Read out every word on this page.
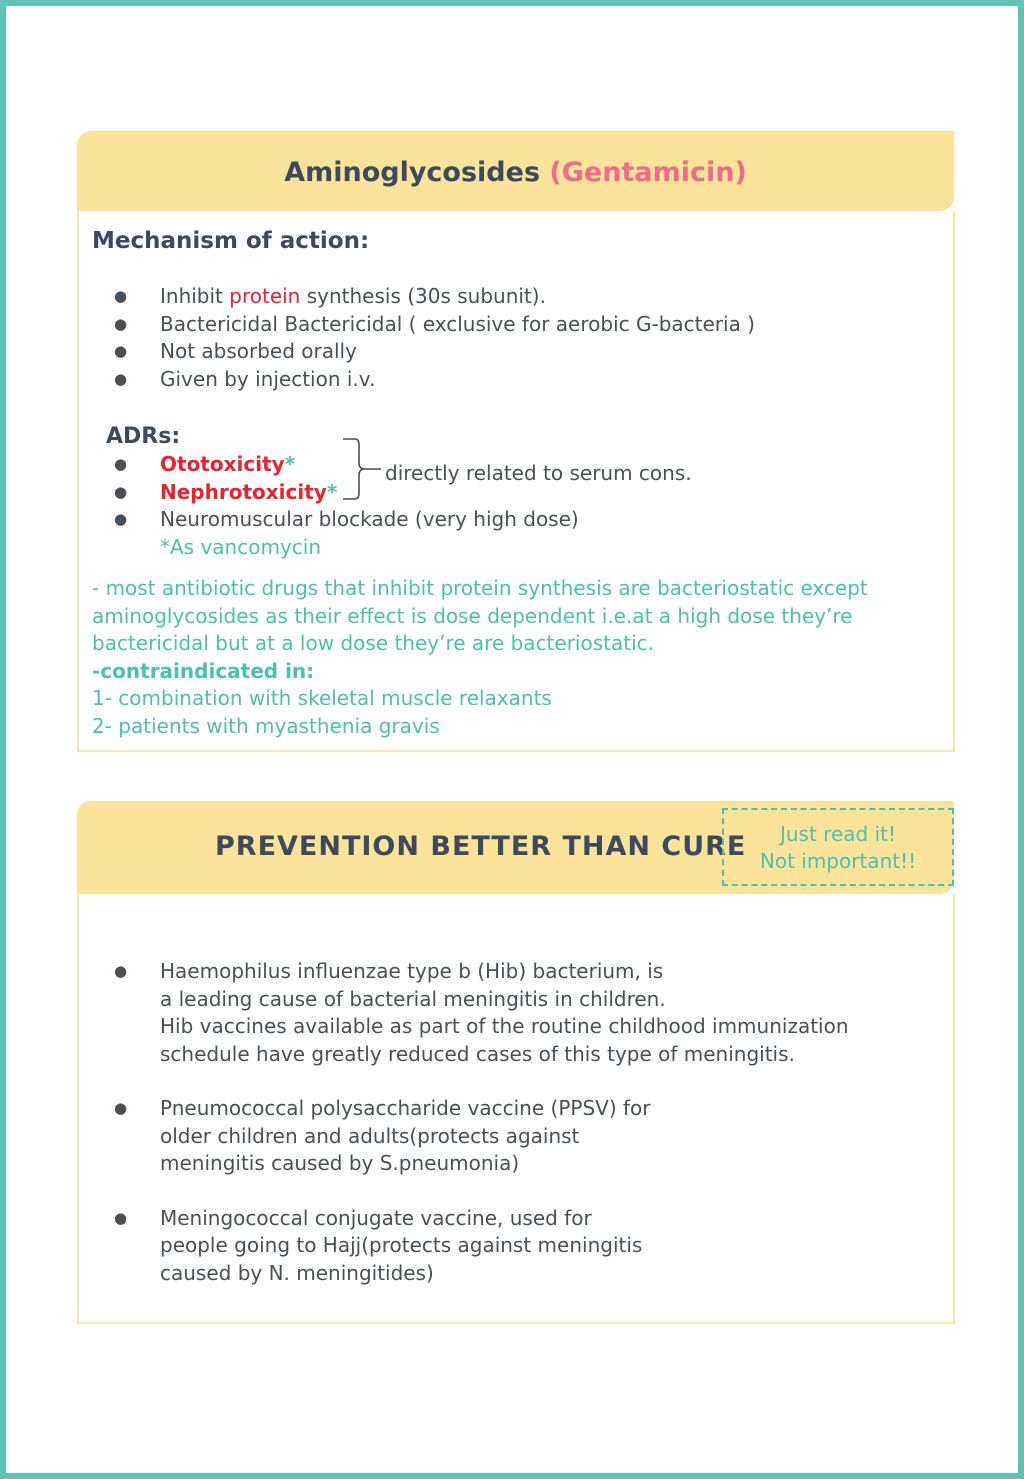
Aminoglycosides (Gentamicin)
Mechanism of action:
● Inhibit protein synthesis (30s subunit).
● Bactericidal Bactericidal ( exclusive for aerobic G-bacteria )
● Not absorbed orally
● Given by injection i.v.
ADRs:
● Ototoxicity*
● Nephrotoxicity*
● Neuromuscular blockade (very high dose)
*As vancomycin
directly related to serum cons.
- most antibiotic drugs that inhibit protein synthesis are bacteriostatic except
aminoglycosides as their effect is dose dependent i.e.at a high dose they’re
bactericidal but at a low dose they’re are bacteriostatic.
-contraindicated in:
1- combination with skeletal muscle relaxants
2- patients with myasthenia gravis
PREVENTION BETTER THAN CURE	Just read it!
Not important!!
● Haemophilus influenzae type b (Hib) bacterium, is
a leading cause of bacterial meningitis in children.
Hib vaccines available as part of the routine childhood immunization
schedule have greatly reduced cases of this type of meningitis.
● Pneumococcal polysaccharide vaccine (PPSV) for
older children and adults(protects against
meningitis caused by S.pneumonia)
● Meningococcal conjugate vaccine, used for
people going to Hajj(protects against meningitis
caused by N. meningitides)
